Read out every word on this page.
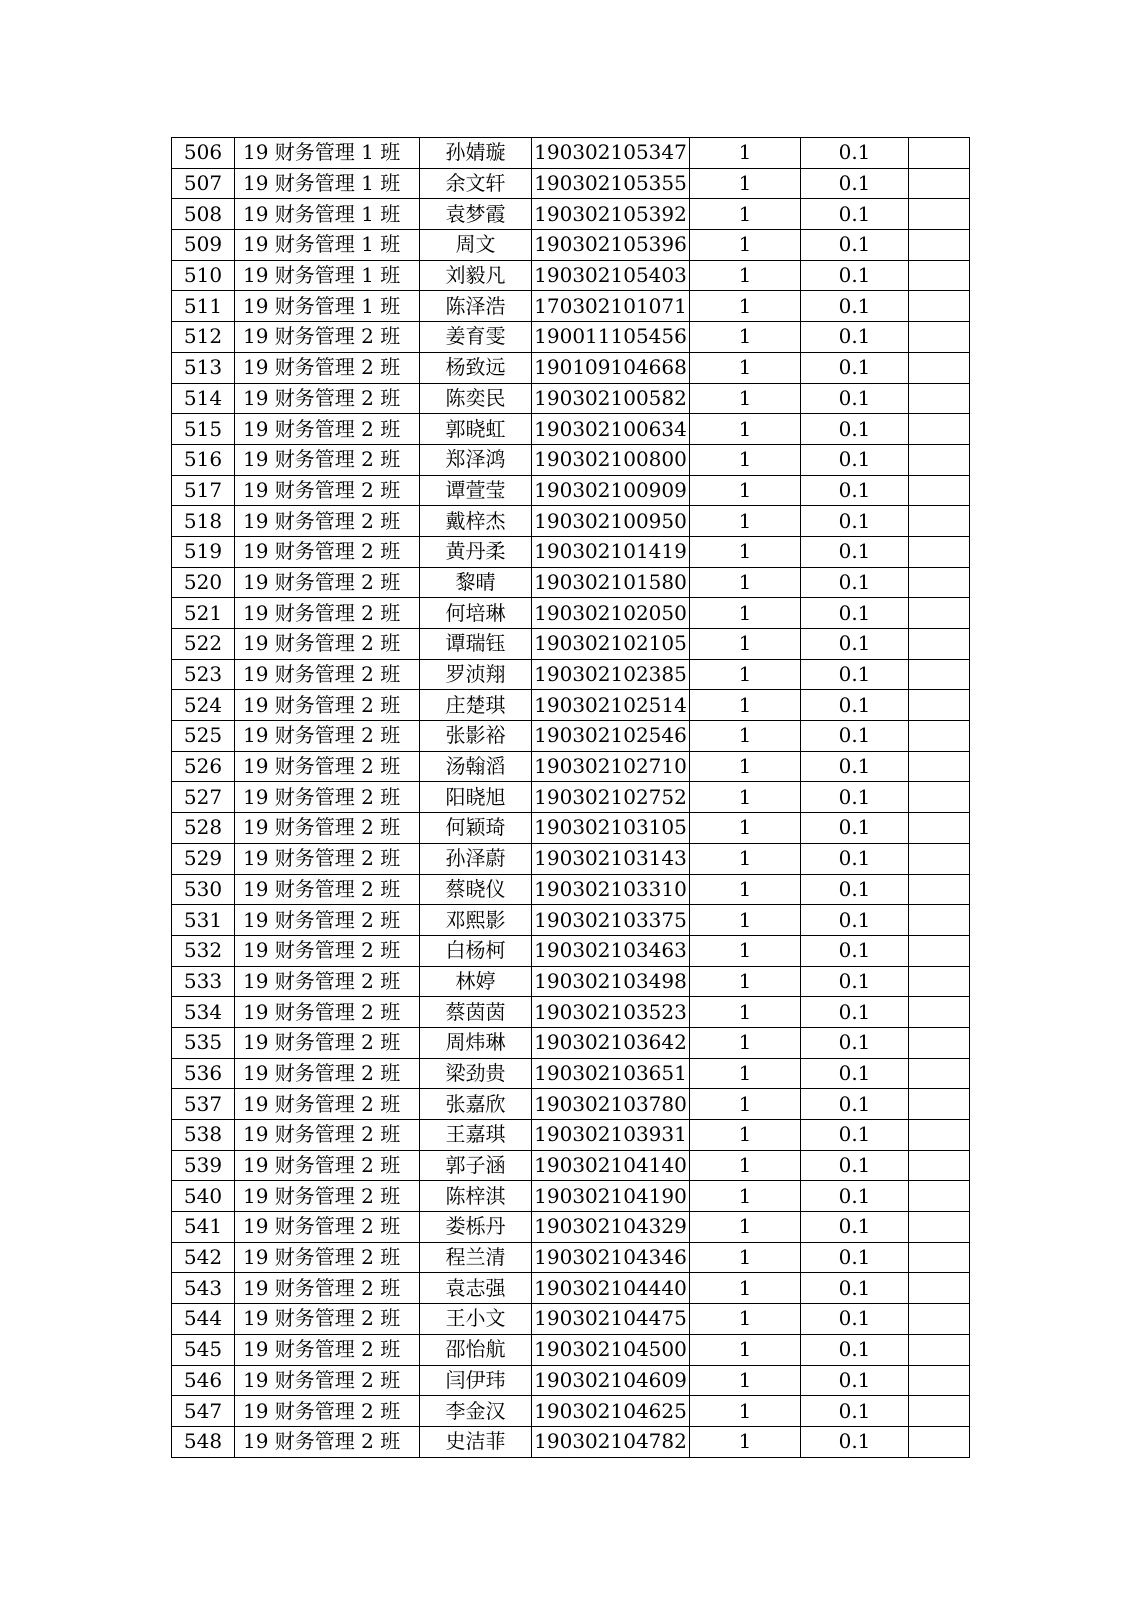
506	19 财务管理 1 班	孙婧璇	190302105347	1	0.1	
507	19 财务管理 1 班	余文轩	190302105355	1	0.1	
508	19 财务管理 1 班	袁梦霞	190302105392	1	0.1	
509	19 财务管理 1 班	周文	190302105396	1	0.1	
510	19 财务管理 1 班	刘毅凡	190302105403	1	0.1	
511	19 财务管理 1 班	陈泽浩	170302101071	1	0.1	
512	19 财务管理 2 班	姜育雯	190011105456	1	0.1	
513	19 财务管理 2 班	杨致远	190109104668	1	0.1	
514	19 财务管理 2 班	陈奕民	190302100582	1	0.1	
515	19 财务管理 2 班	郭晓虹	190302100634	1	0.1	
516	19 财务管理 2 班	郑泽鸿	190302100800	1	0.1	
517	19 财务管理 2 班	谭萱莹	190302100909	1	0.1	
518	19 财务管理 2 班	戴梓杰	190302100950	1	0.1	
519	19 财务管理 2 班	黄丹柔	190302101419	1	0.1	
520	19 财务管理 2 班	黎晴	190302101580	1	0.1	
521	19 财务管理 2 班	何培琳	190302102050	1	0.1	
522	19 财务管理 2 班	谭瑞钰	190302102105	1	0.1	
523	19 财务管理 2 班	罗浈翔	190302102385	1	0.1	
524	19 财务管理 2 班	庄楚琪	190302102514	1	0.1	
525	19 财务管理 2 班	张影裕	190302102546	1	0.1	
526	19 财务管理 2 班	汤翰滔	190302102710	1	0.1	
527	19 财务管理 2 班	阳晓旭	190302102752	1	0.1	
528	19 财务管理 2 班	何颖琦	190302103105	1	0.1	
529	19 财务管理 2 班	孙泽蔚	190302103143	1	0.1	
530	19 财务管理 2 班	蔡晓仪	190302103310	1	0.1	
531	19 财务管理 2 班	邓熙影	190302103375	1	0.1	
532	19 财务管理 2 班	白杨柯	190302103463	1	0.1	
533	19 财务管理 2 班	林婷	190302103498	1	0.1	
534	19 财务管理 2 班	蔡茵茵	190302103523	1	0.1	
535	19 财务管理 2 班	周炜琳	190302103642	1	0.1	
536	19 财务管理 2 班	梁劲贵	190302103651	1	0.1	
537	19 财务管理 2 班	张嘉欣	190302103780	1	0.1	
538	19 财务管理 2 班	王嘉琪	190302103931	1	0.1	
539	19 财务管理 2 班	郭子涵	190302104140	1	0.1	
540	19 财务管理 2 班	陈梓淇	190302104190	1	0.1	
541	19 财务管理 2 班	娄栎丹	190302104329	1	0.1	
542	19 财务管理 2 班	程兰清	190302104346	1	0.1	
543	19 财务管理 2 班	袁志强	190302104440	1	0.1	
544	19 财务管理 2 班	王小文	190302104475	1	0.1	
545	19 财务管理 2 班	邵怡航	190302104500	1	0.1	
546	19 财务管理 2 班	闫伊玮	190302104609	1	0.1	
547	19 财务管理 2 班	李金汉	190302104625	1	0.1	
548	19 财务管理 2 班	史洁菲	190302104782	1	0.1	
